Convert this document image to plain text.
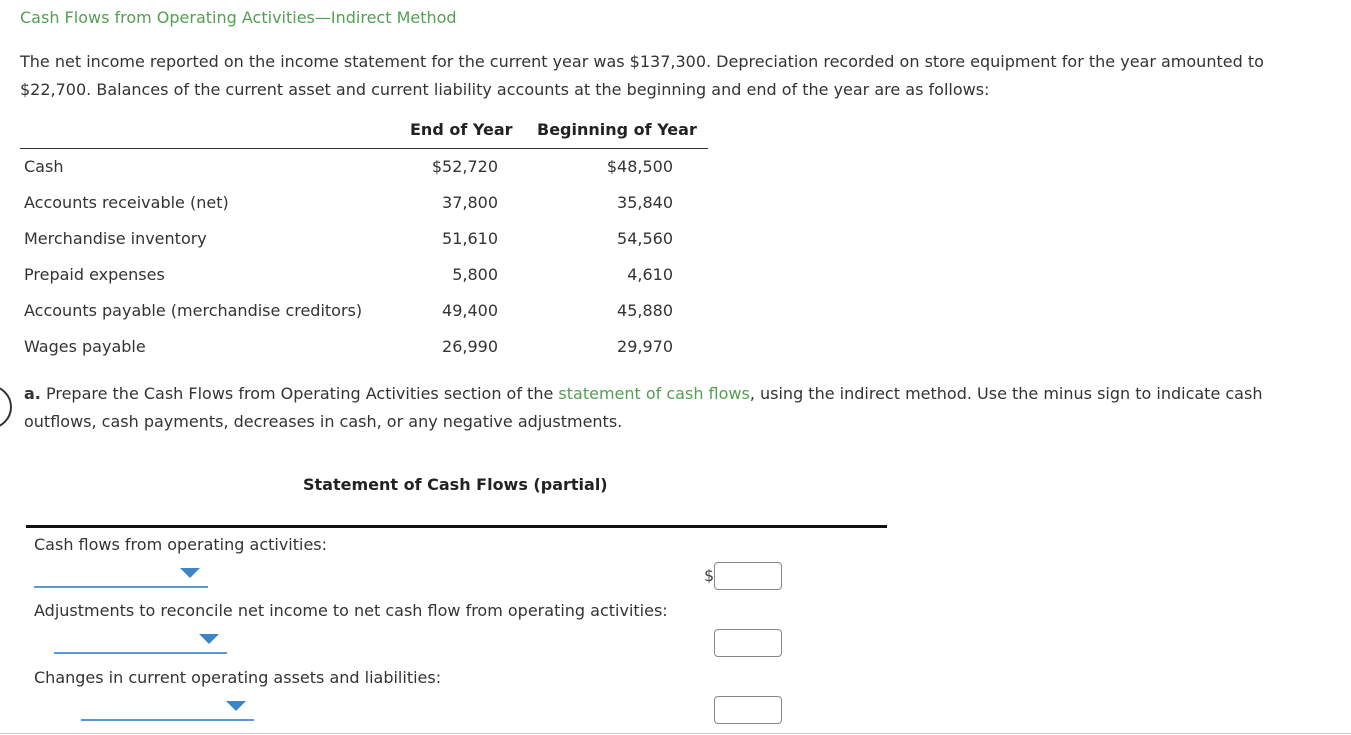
Cash Flows from Operating Activities—Indirect Method
The net income reported on the income statement for the current year was $137,300. Depreciation recorded on store equipment for the year amounted to $22,700. Balances of the current asset and current liability accounts at the beginning and end of the year are as follows:
End of Year Beginning of Year
Cash	$52,720	$48,500
Accounts receivable (net)	37,800	35,840
Merchandise inventory	51,610	54,560
Prepaid expenses	5,800	4,610
Accounts payable (merchandise creditors)	49,400	45,880
Wages payable	26,990	29,970
a. Prepare the Cash Flows from Operating Activities section of the statement of cash flows, using the indirect method. Use the minus sign to indicate cash outflows, cash payments, decreases in cash, or any negative adjustments.
Statement of Cash Flows (partial)
Cash flows from operating activities:
$
Adjustments to reconcile net income to net cash flow from operating activities:
Changes in current operating assets and liabilities:
